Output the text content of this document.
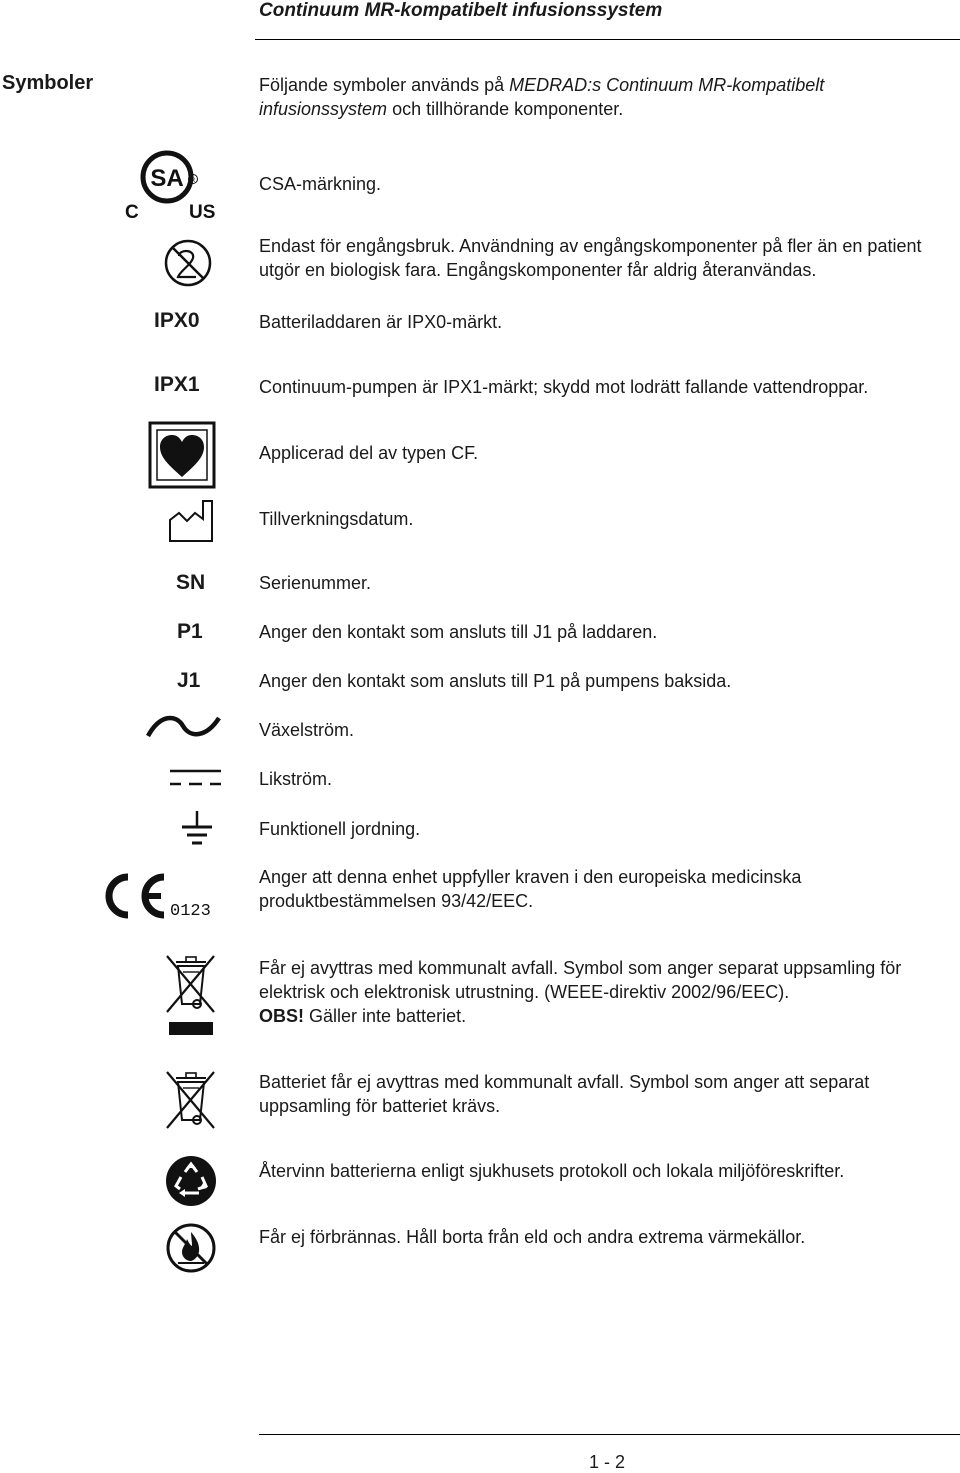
Continuum MR-kompatibelt infusionssystem
Symboler	Följande symboler används på MEDRAD:s Continuum MR-kompatibelt infusionssystem och tillhörande komponenter.
SA R
C	US
CSA-märkning.
Endast för engångsbruk. Användning av engångskomponenter på fler än en patient utgör en biologisk fara. Engångskomponenter får aldrig återanvändas.
IPX0	Batteriladdaren är IPX0-märkt.
IPX1	Continuum-pumpen är IPX1-märkt; skydd mot lodrätt fallande vattendroppar.
Applicerad del av typen CF.
Tillverkningsdatum.
SN	Serienummer.
P1	Anger den kontakt som ansluts till J1 på laddaren.
J1	Anger den kontakt som ansluts till P1 på pumpens baksida.
Växelström.
Likström.
Funktionell jordning.
0123
Anger att denna enhet uppfyller kraven i den europeiska medicinska produktbestämmelsen 93/42/EEC.
Får ej avyttras med kommunalt avfall. Symbol som anger separat uppsamling för elektrisk och elektronisk utrustning. (WEEE-direktiv 2002/96/EEC).
OBS! Gäller inte batteriet.
Batteriet får ej avyttras med kommunalt avfall. Symbol som anger att separat uppsamling för batteriet krävs.
Återvinn batterierna enligt sjukhusets protokoll och lokala miljöföreskrifter.
Får ej förbrännas. Håll borta från eld och andra extrema värmekällor.
1 - 2
